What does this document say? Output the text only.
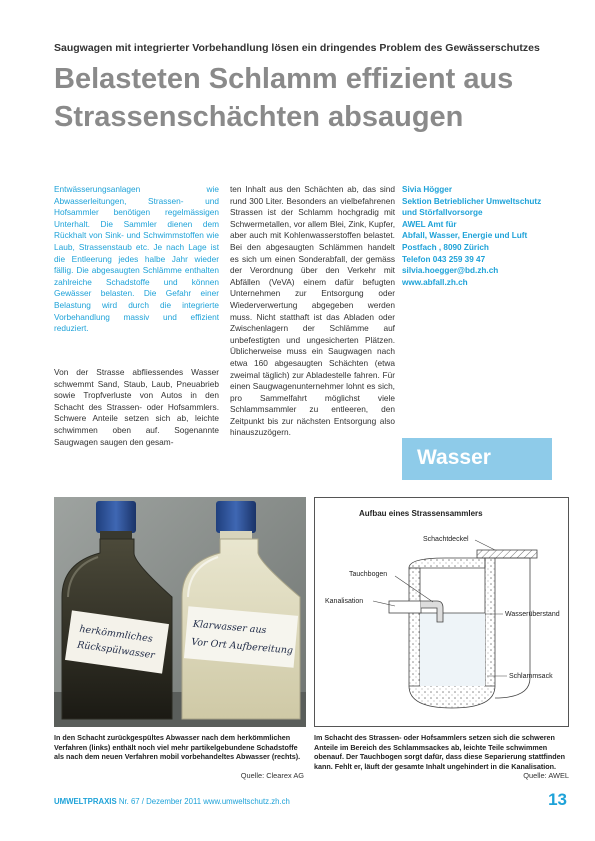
Saugwagen mit integrierter Vorbehandlung lösen ein dringendes Problem des Gewässerschutzes
Belasteten Schlamm effizient aus
Strassenschächten absaugen
Entwässerungsanlagen wie Abwasserleitungen, Strassen- und Hofsammler benötigen regelmässigen Unterhalt. Die Sammler dienen dem Rückhalt von Sink- und Schwimmstoffen wie Laub, Strassenstaub etc. Je nach Lage ist die Entleerung jedes halbe Jahr wieder fällig. Die abgesaugten Schlämme enthalten zahlreiche Schadstoffe und können Gewässer belasten. Die Gefahr einer Belastung wird durch die integrierte Vorbehandlung massiv und effizient reduziert.
Von der Strasse abfliessendes Wasser schwemmt Sand, Staub, Laub, Pneuabrieb sowie Tropfverluste von Autos in den Schacht des Strassen- oder Hofsammlers. Schwere Anteile setzen sich ab, leichte schwimmen oben auf. Sogenannte Saugwagen saugen den gesam-
ten Inhalt aus den Schächten ab, das sind rund 300 Liter. Besonders an vielbefahrenen Strassen ist der Schlamm hochgradig mit Schwermetallen, vor allem Blei, Zink, Kupfer, aber auch mit Kohlenwasserstoffen belastet. Bei den abgesaugten Schlämmen handelt es sich um einen Sonderabfall, der gemäss der Verordnung über den Verkehr mit Abfällen (VeVA) einem dafür befugten Unternehmen zur Entsorgung oder Wiederverwertung abgegeben werden muss. Nicht statthaft ist das Abladen oder Zwischenlagern der Schlämme auf unbefestigten und ungesicherten Plätzen. Üblicherweise muss ein Saugwagen nach etwa 160 abgesaugten Schächten (etwa zweimal täglich) zur Abladestelle fahren. Für einen Saugwagenunternehmer lohnt es sich, pro Sammelfahrt möglichst viele Schlammsammler zu entleeren, den Zeitpunkt bis zur nächsten Entsorgung also hinauszuzögern.
Sivia Högger
Sektion Betrieblicher Umweltschutz
und Störfallvorsorge
AWEL Amt für
Abfall, Wasser, Energie und Luft
Postfach , 8090 Zürich
Telefon 043 259 39 47
silvia.hoegger@bd.zh.ch
www.abfall.zh.ch
Wasser
herkömmliches
Rückspülwasser
Klarwasser aus
Vor Ort Aufbereitung
Aufbau eines Strassensammlers
Schachtdeckel
Tauchbogen
Kanalisation
Wasserüberstand
Schlammsack
In den Schacht zurückgespültes Abwasser nach dem herkömmlichen Verfahren (links) enthält noch viel mehr partikelgebundene Schadstoffe als nach dem neuen Verfahren mobil vorbehandeltes Abwasser (rechts).
Quelle: Clearex AG
Im Schacht des Strassen- oder Hofsammlers setzen sich die schweren Anteile im Bereich des Schlammsackes ab, leichte Teile schwimmen obenauf. Der Tauchbogen sorgt dafür, dass diese Separierung stattfinden kann. Fehlt er, läuft der gesamte Inhalt ungehindert in die Kanalisation.
Quelle: AWEL
UMWELTPRAXIS Nr. 67 / Dezember 2011 www.umweltschutz.zh.ch	13
